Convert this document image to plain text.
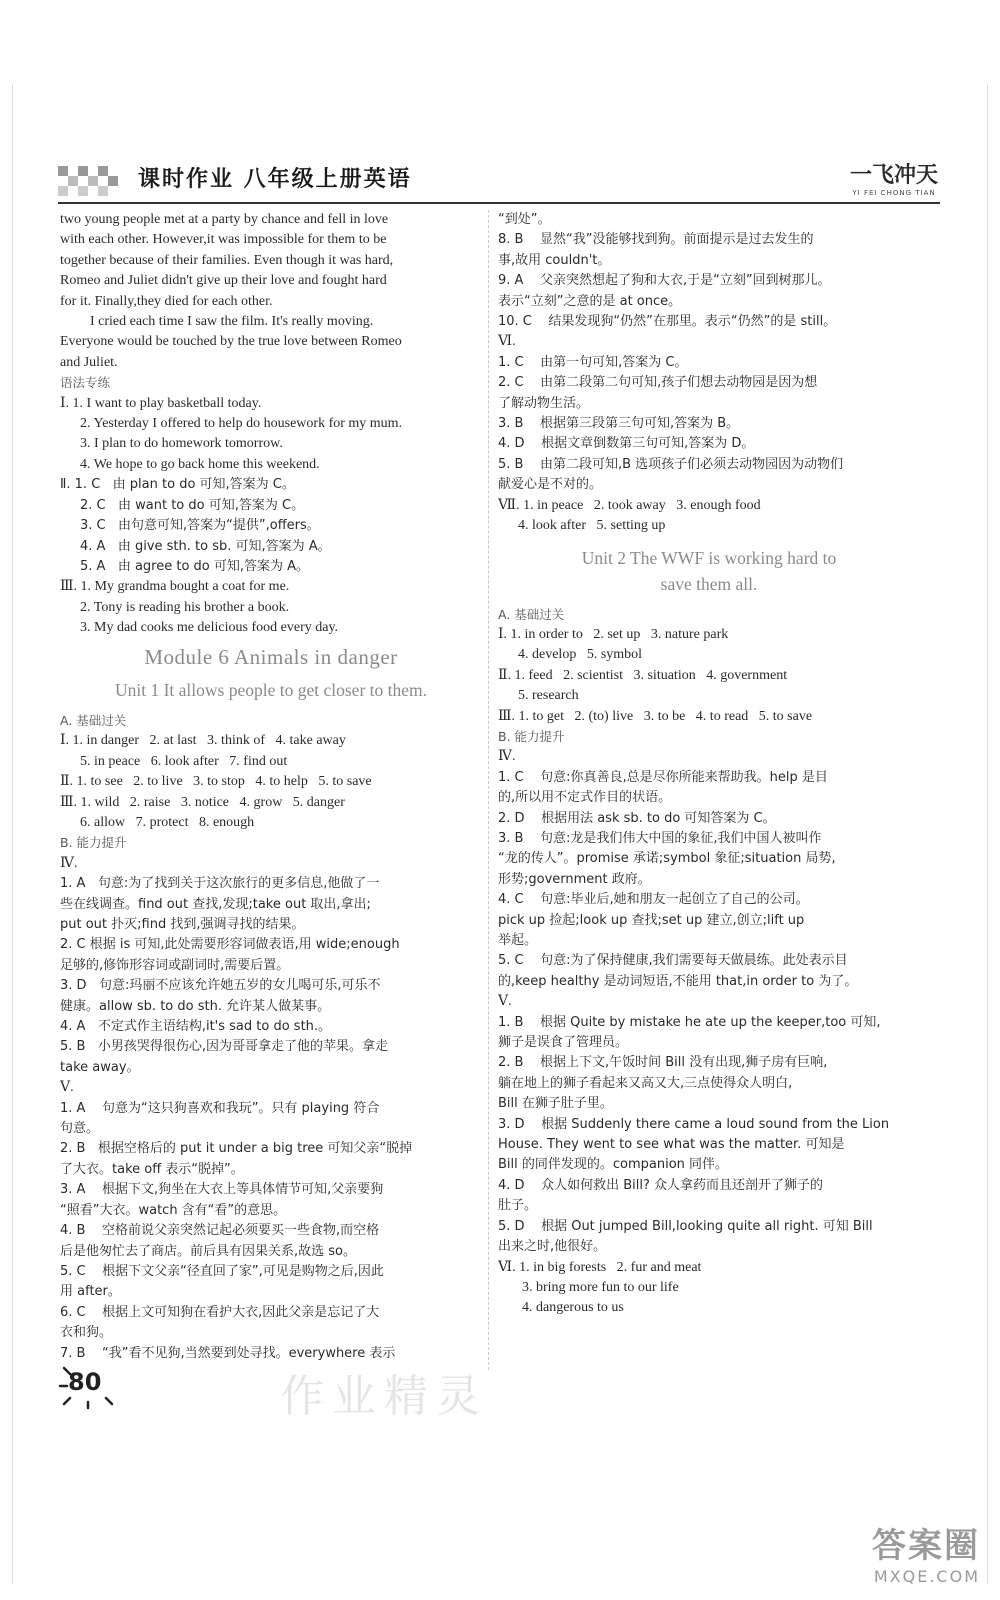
课时作业 八年级上册英语	一飞冲天
YI FEI CHONG TIAN
two young people met at a party by chance and fell in love
with each other. However,it was impossible for them to be
together because of their families. Even though it was hard,
Romeo and Juliet didn't give up their love and fought hard
for it. Finally,they died for each other.
I cried each time I saw the film. It's really moving.
Everyone would be touched by the true love between Romeo
and Juliet.
语法专练
Ⅰ. 1. I want to play basketball today.
2. Yesterday I offered to help do housework for my mum.
3. I plan to do homework tomorrow.
4. We hope to go back home this weekend.
Ⅱ. 1. C   由 plan to do 可知,答案为 C。
2. C   由 want to do 可知,答案为 C。
3. C   由句意可知,答案为“提供”,offers。
4. A   由 give sth. to sb. 可知,答案为 A。
5. A   由 agree to do 可知,答案为 A。
Ⅲ. 1. My grandma bought a coat for me.
2. Tony is reading his brother a book.
3. My dad cooks me delicious food every day.
Module 6 Animals in danger
Unit 1 It allows people to get closer to them.
A. 基础过关
Ⅰ. 1. in danger   2. at last   3. think of   4. take away
5. in peace   6. look after   7. find out
Ⅱ. 1. to see   2. to live   3. to stop   4. to help   5. to save
Ⅲ. 1. wild   2. raise   3. notice   4. grow   5. danger
6. allow   7. protect   8. enough
B. 能力提升
Ⅳ.
1. A   句意:为了找到关于这次旅行的更多信息,他做了一
些在线调查。find out 查找,发现;take out 取出,拿出;
put out 扑灭;find 找到,强调寻找的结果。
2. C 根据 is 可知,此处需要形容词做表语,用 wide;enough
足够的,修饰形容词或副词时,需要后置。
3. D   句意:玛丽不应该允许她五岁的女儿喝可乐,可乐不
健康。allow sb. to do sth. 允许某人做某事。
4. A   不定式作主语结构,it's sad to do sth.。
5. B   小男孩哭得很伤心,因为哥哥拿走了他的苹果。拿走
take away。
Ⅴ.
1. A    句意为“这只狗喜欢和我玩”。只有 playing 符合
句意。
2. B   根据空格后的 put it under a big tree 可知父亲“脱掉
了大衣。take off 表示“脱掉”。
3. A    根据下文,狗坐在大衣上等具体情节可知,父亲要狗
“照看”大衣。watch 含有“看”的意思。
4. B    空格前说父亲突然记起必须要买一些食物,而空格
后是他匆忙去了商店。前后具有因果关系,故选 so。
5. C    根据下文父亲“径直回了家”,可见是购物之后,因此
用 after。
6. C    根据上文可知狗在看护大衣,因此父亲是忘记了大
衣和狗。
7. B    “我”看不见狗,当然要到处寻找。everywhere 表示
“到处”。
8. B    显然“我”没能够找到狗。前面提示是过去发生的
事,故用 couldn't。
9. A    父亲突然想起了狗和大衣,于是“立刻”回到树那儿。
表示“立刻”之意的是 at once。
10. C    结果发现狗“仍然”在那里。表示“仍然”的是 still。
Ⅵ.
1. C    由第一句可知,答案为 C。
2. C    由第二段第二句可知,孩子们想去动物园是因为想
了解动物生活。
3. B    根据第三段第三句可知,答案为 B。
4. D    根据文章倒数第三句可知,答案为 D。
5. B    由第二段可知,B 选项孩子们必须去动物园因为动物们
献爱心是不对的。
Ⅶ. 1. in peace   2. took away   3. enough food
4. look after   5. setting up
Unit 2 The WWF is working hard to
save them all.
A. 基础过关
Ⅰ. 1. in order to   2. set up   3. nature park
4. develop   5. symbol
Ⅱ. 1. feed   2. scientist   3. situation   4. government
5. research
Ⅲ. 1. to get   2. (to) live   3. to be   4. to read   5. to save
B. 能力提升
Ⅳ.
1. C    句意:你真善良,总是尽你所能来帮助我。help 是目
的,所以用不定式作目的状语。
2. D    根据用法 ask sb. to do 可知答案为 C。
3. B    句意:龙是我们伟大中国的象征,我们中国人被叫作
“龙的传人”。promise 承诺;symbol 象征;situation 局势,
形势;government 政府。
4. C    句意:毕业后,她和朋友一起创立了自己的公司。
pick up 捡起;look up 查找;set up 建立,创立;lift up
举起。
5. C    句意:为了保持健康,我们需要每天做晨练。此处表示目
的,keep healthy 是动词短语,不能用 that,in order to 为了。
Ⅴ.
1. B    根据 Quite by mistake he ate up the keeper,too 可知,
狮子是误食了管理员。
2. B    根据上下文,午饭时间 Bill 没有出现,狮子房有巨响,
躺在地上的狮子看起来又高又大,三点使得众人明白,
Bill 在狮子肚子里。
3. D    根据 Suddenly there came a loud sound from the Lion
House. They went to see what was the matter. 可知是
Bill 的同伴发现的。companion 同伴。
4. D    众人如何救出 Bill? 众人拿药而且还剖开了狮子的
肚子。
5. D    根据 Out jumped Bill,looking quite all right. 可知 Bill
出来之时,他很好。
Ⅵ. 1. in big forests   2. fur and meat
3. bring more fun to our life
4. dangerous to us
80	作业精灵
答案圈
MXQE.COM
